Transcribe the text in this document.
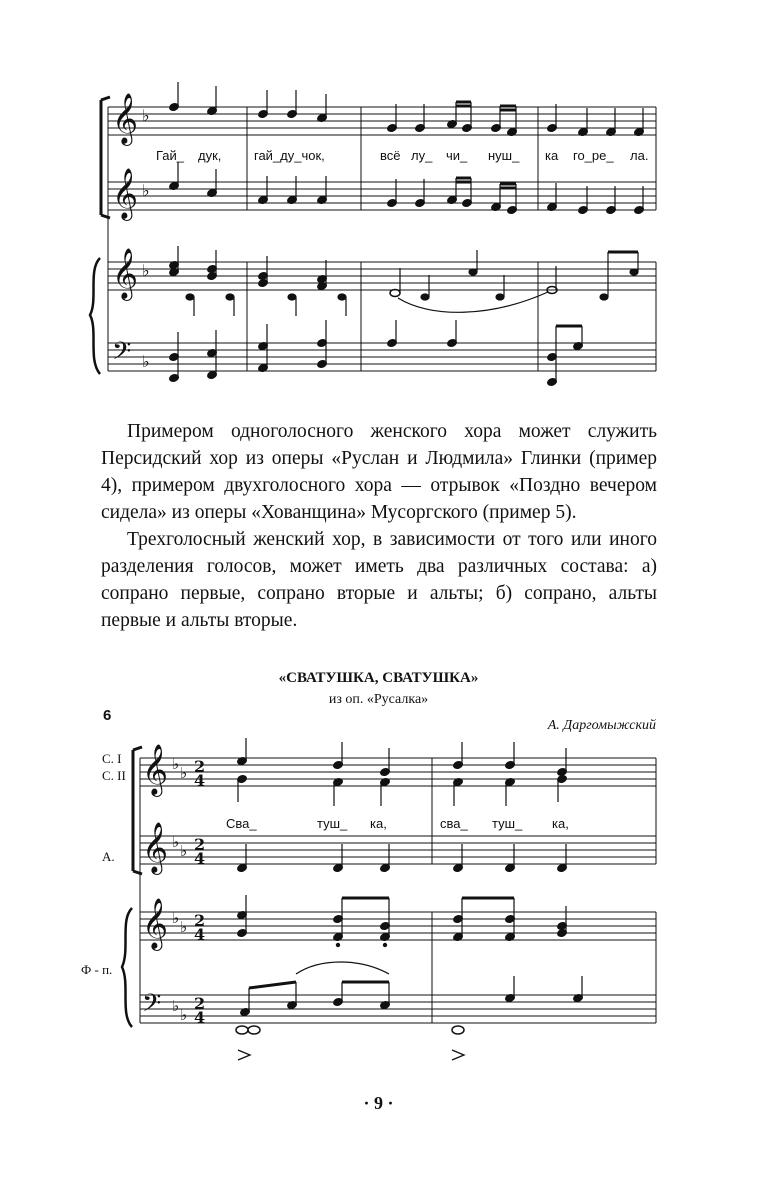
𝄞
𝄞
𝄞
𝄢
♭
♭
♭
♭
Гай_ дук,	гай_ду_чок,	всё лу_ чи_ нуш_ ка го_ре_ ла.

Примером одноголосного женского хора может служить Персидский хор из оперы «Руслан и Людмила» Глинки (пример 4), примером двухголосного хора — отрывок «Поздно вечером сидела» из оперы «Хованщина» Мусоргского (пример 5).

Трехголосный женский хор, в зависимости от того или иного разделения голосов, может иметь два различных состава: а) сопрано первые, сопрано вторые и альты; б) сопрано, альты первые и альты вторые.

«СВАТУШКА, СВАТУШКА»
из оп. «Русалка»
6
А. Даргомыжский
С. I
С. II
А.
Ф - п.
𝄞
𝄞
𝄞
𝄢
♭ ♭
♭ ♭
♭ ♭
♭ ♭
2
4
2
4
2
4
2
4
Сва_	туш_ ка,	сва_ туш_ ка,
· 9 ·
